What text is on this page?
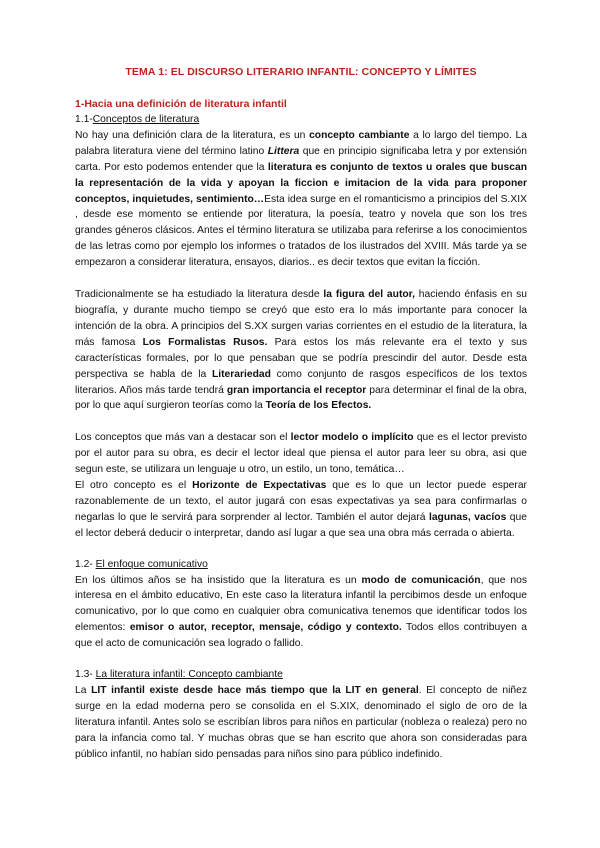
TEMA 1: EL DISCURSO LITERARIO INFANTIL: CONCEPTO Y LÍMITES
1-Hacia una definición de literatura infantil
1.1-Conceptos de literatura

No hay una definición clara de la literatura, es un concepto cambiante a lo largo del tiempo. La palabra literatura viene del término latino Littera que en principio significaba letra y por extensión carta. Por esto podemos entender que la literatura es conjunto de textos u orales que buscan la representación de la vida y apoyan la ficcion e imitacion de la vida para proponer conceptos, inquietudes, sentimiento…Esta idea surge en el romanticismo a principios del S.XIX , desde ese momento se entiende por literatura, la poesía, teatro y novela que son los tres grandes géneros clásicos. Antes el término literatura se utilizaba para referirse a los conocimientos de las letras como por ejemplo los informes o tratados de los ilustrados del XVIII. Más tarde ya se empezaron a considerar literatura, ensayos, diarios.. es decir textos que evitan la ficción.

Tradicionalmente se ha estudiado la literatura desde la figura del autor, haciendo énfasis en su biografía, y durante mucho tiempo se creyó que esto era lo más importante para conocer la intención de la obra. A principios del S.XX surgen varias corrientes en el estudio de la literatura, la más famosa Los Formalistas Rusos. Para estos los más relevante era el texto y sus características formales, por lo que pensaban que se podría prescindir del autor. Desde esta perspectiva se habla de la Literariedad como conjunto de rasgos específicos de los textos literarios. Años más tarde tendrá gran importancia el receptor para determinar el final de la obra, por lo que aquí surgieron teorías como la Teoría de los Efectos.

Los conceptos que más van a destacar son el lector modelo o implícito que es el lector previsto por el autor para su obra, es decir el lector ideal que piensa el autor para leer su obra, asi que segun este, se utilizara un lenguaje u otro, un estilo, un tono, temática…

El otro concepto es el Horizonte de Expectativas que es lo que un lector puede esperar razonablemente de un texto, el autor jugará con esas expectativas ya sea para confirmarlas o negarlas lo que le servirá para sorprender al lector. También el autor dejará lagunas, vacíos que el lector deberá deducir o interpretar, dando así lugar a que sea una obra más cerrada o abierta.

1.2- El enfoque comunicativo

En los últimos años se ha insistido que la literatura es un modo de comunicación, que nos interesa en el ámbito educativo, En este caso la literatura infantil la percibimos desde un enfoque comunicativo, por lo que como en cualquier obra comunicativa tenemos que identificar todos los elementos: emisor o autor, receptor, mensaje, código y contexto. Todos ellos contribuyen a que el acto de comunicación sea logrado o fallido.

1.3- La literatura infantil: Concepto cambiante

La LIT infantil existe desde hace más tiempo que la LIT en general. El concepto de niñez surge en la edad moderna pero se consolida en el S.XIX, denominado el siglo de oro de la literatura infantil. Antes solo se escribían libros para niños en particular (nobleza o realeza) pero no para la infancia como tal. Y muchas obras que se han escrito que ahora son consideradas para público infantil, no habían sido pensadas para niños sino para público indefinido.
